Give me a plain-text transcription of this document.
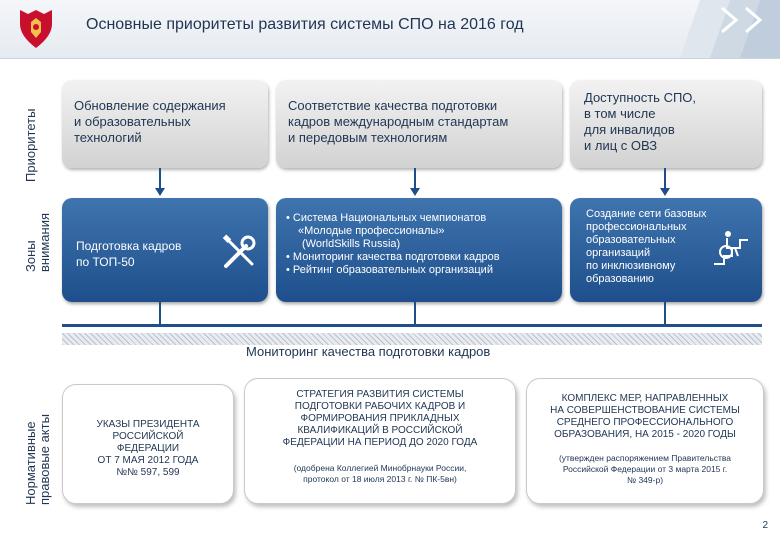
Основные приоритеты развития системы СПО на 2016 год
Приоритеты
Зоны внимания
Нормативные правовые акты
Обновление содержания
и образовательных
технологий
Соответствие качества подготовки
кадров международным стандартам
и передовым технологиям
Доступность СПО,
в том числе
для инвалидов
и лиц с ОВЗ
Подготовка кадров
по ТОП-50
• Система Национальных чемпионатов
«Молодые профессионалы»
(WorldSkills Russia)
• Мониторинг качества подготовки кадров
• Рейтинг образовательных организаций
Создание сети базовых
профессиональных
образовательных
организаций
по инклюзивному
образованию
Мониторинг качества подготовки кадров
УКАЗЫ ПРЕЗИДЕНТА
РОССИЙСКОЙ
ФЕДЕРАЦИИ
ОТ 7 МАЯ 2012 ГОДА
№№ 597, 599
СТРАТЕГИЯ РАЗВИТИЯ СИСТЕМЫ
ПОДГОТОВКИ РАБОЧИХ КАДРОВ И
ФОРМИРОВАНИЯ ПРИКЛАДНЫХ
КВАЛИФИКАЦИЙ В РОССИЙСКОЙ
ФЕДЕРАЦИИ НА ПЕРИОД ДО 2020 ГОДА
(одобрена Коллегией Минобрнауки России,
протокол от 18 июля 2013 г. № ПК-5вн)
КОМПЛЕКС МЕР, НАПРАВЛЕННЫХ
НА СОВЕРШЕНСТВОВАНИЕ СИСТЕМЫ
СРЕДНЕГО ПРОФЕССИОНАЛЬНОГО
ОБРАЗОВАНИЯ, НА 2015 - 2020 ГОДЫ
(утвержден распоряжением Правительства
Российской Федерации от 3 марта 2015 г.
№ 349-р)
2
